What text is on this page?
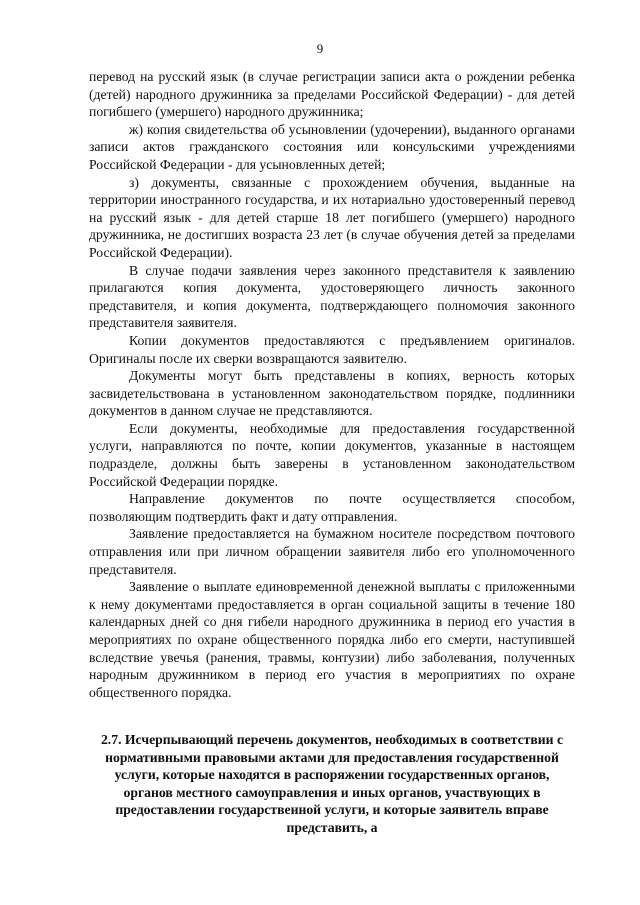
9

перевод на русский язык (в случае регистрации записи акта о рождении ребенка (детей) народного дружинника за пределами Российской Федерации) - для детей погибшего (умершего) народного дружинника;

ж) копия свидетельства об усыновлении (удочерении), выданного органами записи актов гражданского состояния или консульскими учреждениями Российской Федерации - для усыновленных детей;

з) документы, связанные с прохождением обучения, выданные на территории иностранного государства, и их нотариально удостоверенный перевод на русский язык - для детей старше 18 лет погибшего (умершего) народного дружинника, не достигших возраста 23 лет (в случае обучения детей за пределами Российской Федерации).

В случае подачи заявления через законного представителя к заявлению прилагаются копия документа, удостоверяющего личность законного представителя, и копия документа, подтверждающего полномочия законного представителя заявителя.

Копии документов предоставляются с предъявлением оригиналов. Оригиналы после их сверки возвращаются заявителю.

Документы могут быть представлены в копиях, верность которых засвидетельствована в установленном законодательством порядке, подлинники документов в данном случае не представляются.

Если документы, необходимые для предоставления государственной услуги, направляются по почте, копии документов, указанные в настоящем подразделе, должны быть заверены в установленном законодательством Российской Федерации порядке.

Направление документов по почте осуществляется способом, позволяющим подтвердить факт и дату отправления.

Заявление предоставляется на бумажном носителе посредством почтового отправления или при личном обращении заявителя либо его уполномоченного представителя.

Заявление о выплате единовременной денежной выплаты с приложенными к нему документами предоставляется в орган социальной защиты в течение 180 календарных дней со дня гибели народного дружинника в период его участия в мероприятиях по охране общественного порядка либо его смерти, наступившей вследствие увечья (ранения, травмы, контузии) либо заболевания, полученных народным дружинником в период его участия в мероприятиях по охране общественного порядка.

2.7. Исчерпывающий перечень документов, необходимых в соответствии с нормативными правовыми актами для предоставления государственной услуги, которые находятся в распоряжении государственных органов, органов местного самоуправления и иных органов, участвующих в предоставлении государственной услуги, и которые заявитель вправе представить, а
